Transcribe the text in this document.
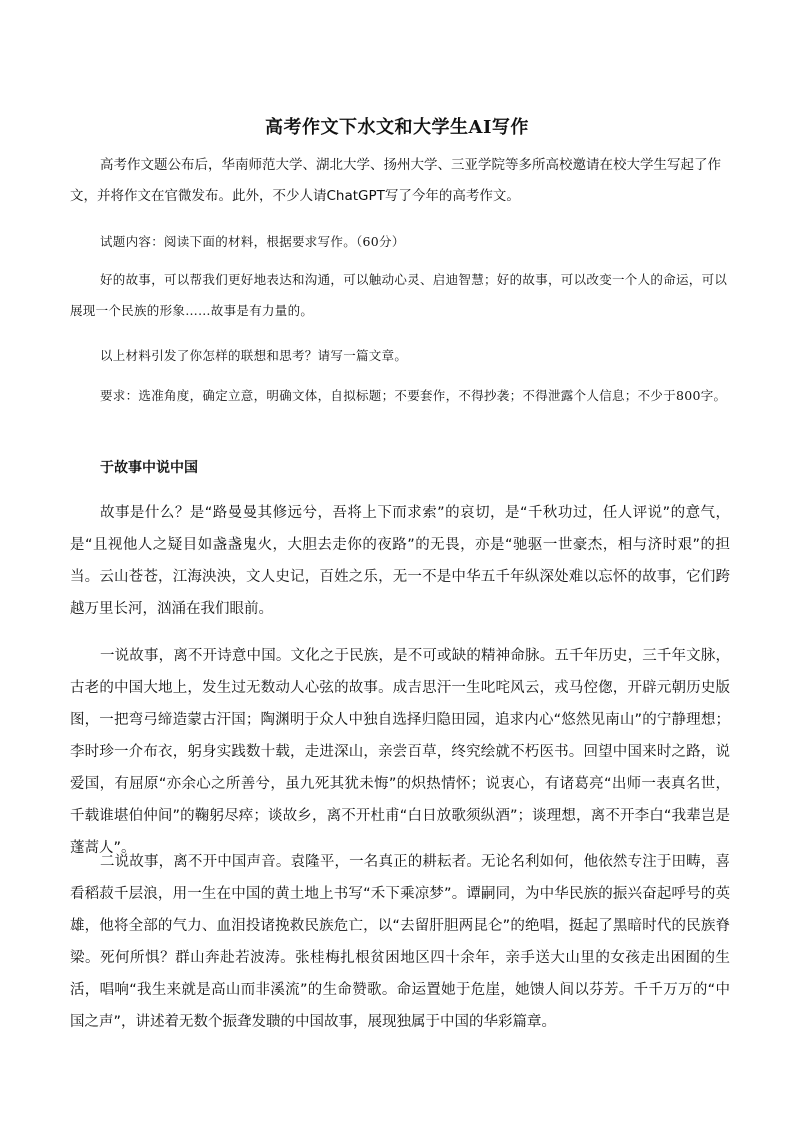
高考作文下水文和大学生AI写作

高考作文题公布后，华南师范大学、湖北大学、扬州大学、三亚学院等多所高校邀请在校大学生写起了作文，并将作文在官微发布。此外，不少人请ChatGPT写了今年的高考作文。

试题内容：阅读下面的材料，根据要求写作。（60分）

好的故事，可以帮我们更好地表达和沟通，可以触动心灵、启迪智慧；好的故事，可以改变一个人的命运，可以展现一个民族的形象……故事是有力量的。

以上材料引发了你怎样的联想和思考？请写一篇文章。

要求：选准角度，确定立意，明确文体，自拟标题；不要套作，不得抄袭；不得泄露个人信息；不少于800字。

于故事中说中国

故事是什么？是“路曼曼其修远兮，吾将上下而求索”的哀切，是“千秋功过，任人评说”的意气，是“且视他人之疑目如盏盏鬼火，大胆去走你的夜路”的无畏，亦是“驰驱一世豪杰，相与济时艰”的担当。云山苍苍，江海泱泱，文人史记，百姓之乐，无一不是中华五千年纵深处难以忘怀的故事，它们跨越万里长河，汹涌在我们眼前。

一说故事，离不开诗意中国。文化之于民族，是不可或缺的精神命脉。五千年历史，三千年文脉，古老的中国大地上，发生过无数动人心弦的故事。成吉思汗一生叱咤风云，戎马倥偬，开辟元朝历史版图，一把弯弓缔造蒙古汗国；陶渊明于众人中独自选择归隐田园，追求内心“悠然见南山”的宁静理想；李时珍一介布衣，躬身实践数十载，走进深山，亲尝百草，终究绘就不朽医书。回望中国来时之路，说爱国，有屈原“亦余心之所善兮，虽九死其犹未悔”的炽热情怀；说衷心，有诸葛亮“出师一表真名世，千载谁堪伯仲间”的鞠躬尽瘁；谈故乡，离不开杜甫“白日放歌须纵酒”；谈理想，离不开李白“我辈岂是蓬蒿人”。

二说故事，离不开中国声音。袁隆平，一名真正的耕耘者。无论名利如何，他依然专注于田畴，喜看稻菽千层浪，用一生在中国的黄土地上书写“禾下乘凉梦”。谭嗣同，为中华民族的振兴奋起呼号的英雄，他将全部的气力、血泪投诸挽救民族危亡，以“去留肝胆两昆仑”的绝唱，挺起了黑暗时代的民族脊梁。死何所惧？群山奔赴若波涛。张桂梅扎根贫困地区四十余年，亲手送大山里的女孩走出困囿的生活，唱响“我生来就是高山而非溪流”的生命赞歌。命运置她于危崖，她馈人间以芬芳。千千万万的“中国之声”，讲述着无数个振聋发聩的中国故事，展现独属于中国的华彩篇章。
